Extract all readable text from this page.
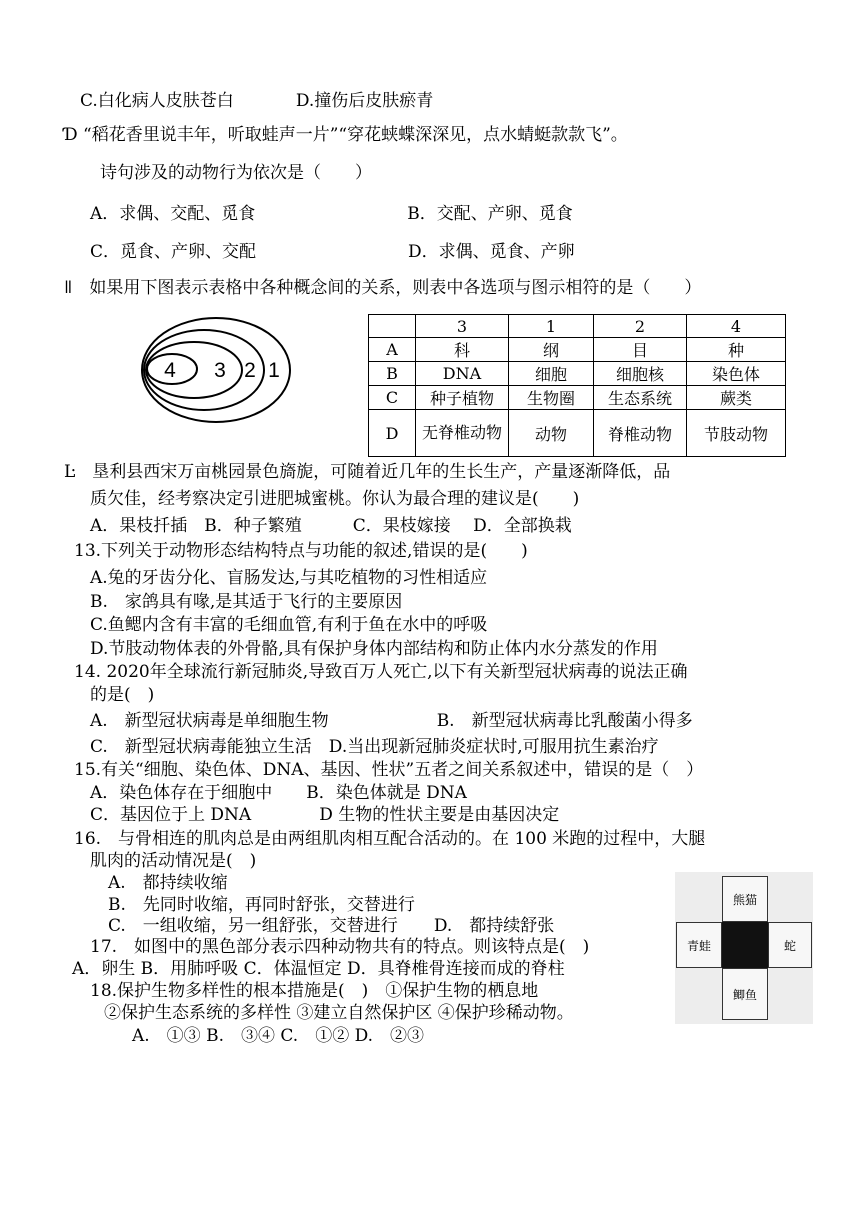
C.白化病人皮肤苍白	D.撞伤后皮肤瘀青
Ɗ “稻花香里说丰年，听取蛙声一片”“穿花蛱蝶深深见，点水蜻蜓款款飞”。
诗句涉及的动物行为依次是（　　）
A．求偶、交配、觅食	B．交配、产卵、觅食
C．觅食、产卵、交配	D．求偶、觅食、产卵
ǁ　如果用下图表示表格中各种概念间的关系，则表中各选项与图示相符的是（　　）
4 3 2 1
	3	1	2	4
A	科	纲	目	种
B	DNA	细胞	细胞核	染色体
C	种子植物	生物圈	生态系统	蕨类
D	无脊椎动物	动物	脊椎动物	节肢动物
Ŀ　垦利县西宋万亩桃园景色旖旎，可随着近几年的生长生产，产量逐渐降低，品
质欠佳，经考察决定引进肥城蜜桃。你认为最合理的建议是(　　)
A．果枝扦插　B．种子繁殖　　　C．果枝嫁接　 D．全部换栽
13.下列关于动物形态结构特点与功能的叙述,错误的是(　　)
A.兔的牙齿分化、盲肠发达,与其吃植物的习性相适应
B.　家鸽具有喙,是其适于飞行的主要原因
C.鱼鳃内含有丰富的毛细血管,有利于鱼在水中的呼吸
D.节肢动物体表的外骨骼,具有保护身体内部结构和防止体内水分蒸发的作用
14. 2020年全球流行新冠肺炎,导致百万人死亡,以下有关新型冠状病毒的说法正确
的是(　)
A.　新型冠状病毒是单细胞生物	B.　新型冠状病毒比乳酸菌小得多
C.　新型冠状病毒能独立生活　D.当出现新冠肺炎症状时,可服用抗生素治疗
15.有关“细胞、染色体、DNA、基因、性状”五者之间关系叙述中，错误的是（　）
A．染色体存在于细胞中　　B．染色体就是 DNA
C．基因位于上 DNA　　　　D 生物的性状主要是由基因决定
16.　与骨相连的肌肉总是由两组肌肉相互配合活动的。在 100 米跑的过程中，大腿
肌肉的活动情况是(　)
A.　都持续收缩
B.　先同时收缩，再同时舒张，交替进行
C.　一组收缩，另一组舒张，交替进行 D.　都持续舒张
17.　如图中的黑色部分表示四种动物共有的特点。则该特点是(　)
A．卵生 B．用肺呼吸 C．体温恒定 D．具脊椎骨连接而成的脊柱
18.保护生物多样性的根本措施是(　)　①保护生物的栖息地
②保护生态系统的多样性 ③建立自然保护区 ④保护珍稀动物。
A.　①③ B.　③④ C.　①② D.　②③
熊猫
青蛙	蛇
鲫鱼
